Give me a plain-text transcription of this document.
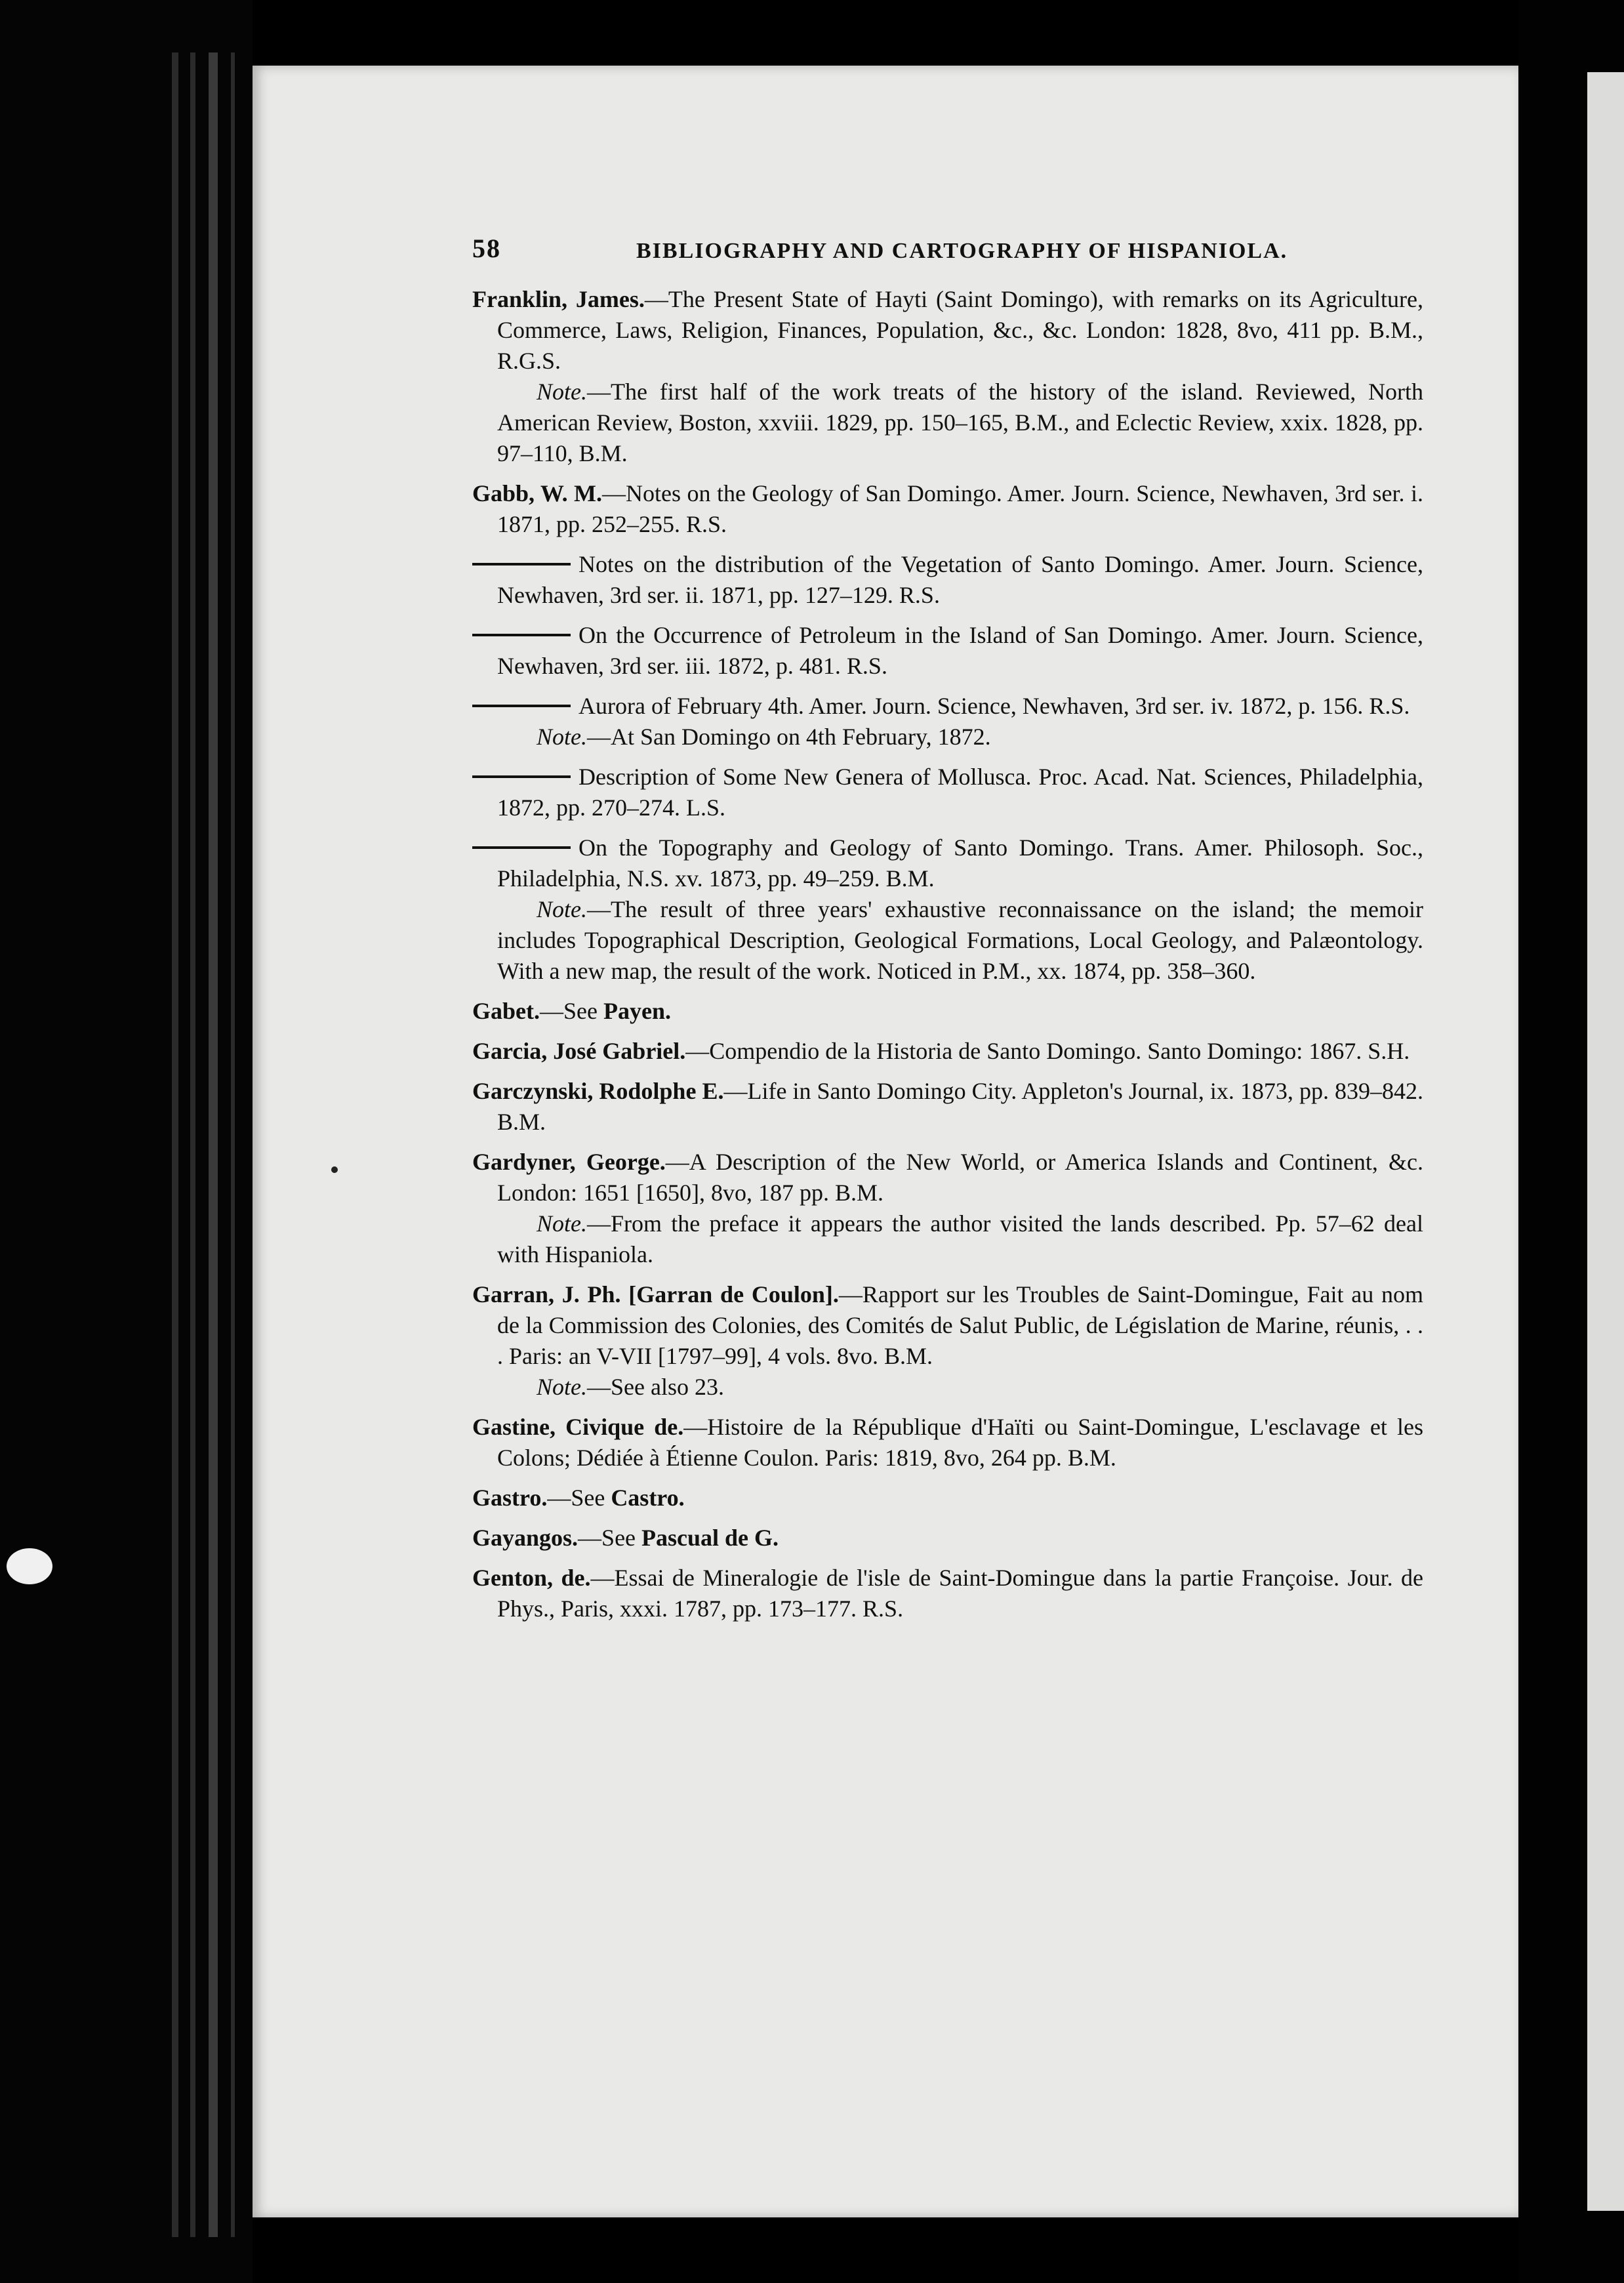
58	BIBLIOGRAPHY AND CARTOGRAPHY OF HISPANIOLA.

Franklin, James.—The Present State of Hayti (Saint Domingo), with remarks on its Agriculture, Commerce, Laws, Religion, Finances, Population, &c., &c. London: 1828, 8vo, 411 pp. B.M., R.G.S.

Note.—The first half of the work treats of the history of the island. Reviewed, North American Review, Boston, xxviii. 1829, pp. 150–165, B.M., and Eclectic Review, xxix. 1828, pp. 97–110, B.M.

Gabb, W. M.—Notes on the Geology of San Domingo. Amer. Journ. Science, Newhaven, 3rd ser. i. 1871, pp. 252–255. R.S.

Notes on the distribution of the Vegetation of Santo Domingo. Amer. Journ. Science, Newhaven, 3rd ser. ii. 1871, pp. 127–129. R.S.

On the Occurrence of Petroleum in the Island of San Domingo. Amer. Journ. Science, Newhaven, 3rd ser. iii. 1872, p. 481. R.S.

Aurora of February 4th. Amer. Journ. Science, Newhaven, 3rd ser. iv. 1872, p. 156. R.S.

Note.—At San Domingo on 4th February, 1872.

Description of Some New Genera of Mollusca. Proc. Acad. Nat. Sciences, Philadelphia, 1872, pp. 270–274. L.S.

On the Topography and Geology of Santo Domingo. Trans. Amer. Philosoph. Soc., Philadelphia, N.S. xv. 1873, pp. 49–259. B.M.

Note.—The result of three years' exhaustive reconnaissance on the island; the memoir includes Topographical Description, Geological Formations, Local Geology, and Palæontology. With a new map, the result of the work. Noticed in P.M., xx. 1874, pp. 358–360.

Gabet.—See Payen.

Garcia, José Gabriel.—Compendio de la Historia de Santo Domingo. Santo Domingo: 1867. S.H.

Garczynski, Rodolphe E.—Life in Santo Domingo City. Appleton's Journal, ix. 1873, pp. 839–842. B.M.

Gardyner, George.—A Description of the New World, or America Islands and Continent, &c. London: 1651 [1650], 8vo, 187 pp. B.M.

Note.—From the preface it appears the author visited the lands described. Pp. 57–62 deal with Hispaniola.

Garran, J. Ph. [Garran de Coulon].—Rapport sur les Troubles de Saint-Domingue, Fait au nom de la Commission des Colonies, des Comités de Salut Public, de Législation de Marine, réunis, . . . Paris: an V-VII [1797–99], 4 vols. 8vo. B.M.

Note.—See also 23.

Gastine, Civique de.—Histoire de la République d'Haïti ou Saint-Domingue, L'esclavage et les Colons; Dédiée à Étienne Coulon. Paris: 1819, 8vo, 264 pp. B.M.

Gastro.—See Castro.

Gayangos.—See Pascual de G.

Genton, de.—Essai de Mineralogie de l'isle de Saint-Domingue dans la partie Françoise. Jour. de Phys., Paris, xxxi. 1787, pp. 173–177. R.S.
